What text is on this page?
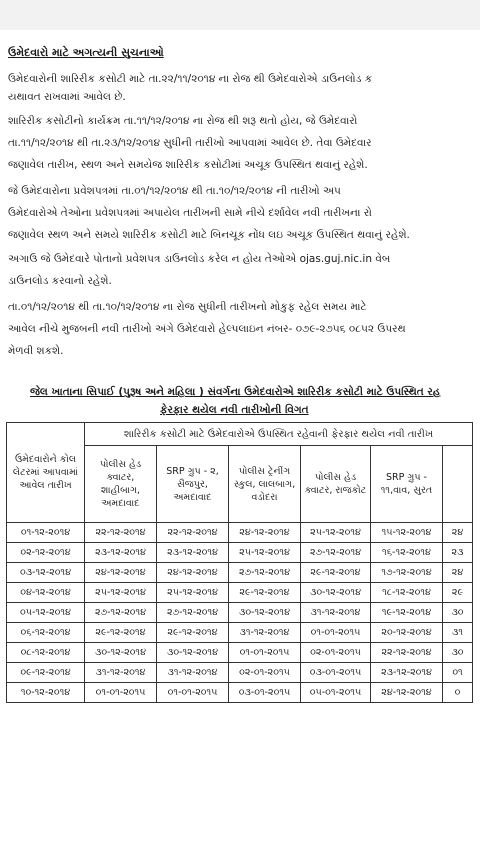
ઉમેદવારો માટે અગત્યની સુચનાઓ
ઉમેદવારોની શારિરીક કસોટી માટે તા.૨૨/૧૧/૨૦૧૪ ના રોજ થી ઉમેદવારોએ ડાઉનલોડ ક
યથાવત રાખવામાં આવેલ છે.
શારિરીક કસોટીનો કાર્યક્રમ તા.૧૧/૧૨/૨૦૧૪ ના રોજ થી શરૂ થતો હોય, જે ઉમેદવારો
તા.૧૧/૧૨/૨૦૧૪ થી તા.૨૩/૧૨/૨૦૧૪ સુધીની તારીખો આપવામાં આવેલ છે. તેવા ઉમેદવાર
જણાવેલ તારીખ, સ્થળ અને સમયેજ શારિરીક કસોટીમાં અચૂક ઉપસ્થિત થવાનું રહેશે.
જે ઉમેદવારોના પ્રવેશપત્રમાં તા.૦૧/૧૨/૨૦૧૪ થી તા.૧૦/૧૨/૨૦૧૪ ની તારીખો અપ
ઉમેદવારોએ તેઓના પ્રવેશપત્રમાં અપાયેલ તારીખની સામે નીચે દર્શાવેલ નવી તારીખના રો
જણાવેલ સ્થળ અને સમયે શારિરીક કસોટી માટે બિનચૂક નોંધ લઇ અચૂક ઉપસ્થિત થવાનું રહેશે.
અગાઉ જે ઉમેદવારે પોતાનો પ્રવેશપત્ર ડાઉનલોડ કરેલ ન હોય તેઓએ ojas.guj.nic.in વેબ
ડાઉનલોડ કરવાનો રહેશે.
તા.૦૧/૧૨/૨૦૧૪ થી તા.૧૦/૧૨/૨૦૧૪ ના રોજ સુધીની તારીખનો મોકુફ રહેલ સમય માટે
આવેલ નીચે મુજબની નવી તારીખો અંગે ઉમેદવારો હેલ્પલાઇન નંબર- ૦૭૯-૨૭૫૬ ૦૮૫૨ ઉપરથ
મેળવી શકશે.
જેલ ખાતાના સિપાઈ (પુરૂષ અને મહિલા ) સંવર્ગના ઉમેદવારોએ શારિરીક કસોટી માટે ઉપસ્થિત રહ
ફેરફાર થયેલ નવી તારીખોની વિગત
ઉમેદવારોને કોલ લેટરમાં આપવામાં આવેલ તારીખ	શારિરીક કસોટી માટે ઉમેદવારોએ ઉપસ્થિત રહેવાની ફેરફાર થયેલ નવી તારીખ					
	પોલીસ હેડ ક્વાટર, શાહીબાગ, અમદાવાદ	SRP ગ્રુપ - ૨, સૈજપુર, અમદાવાદ	પોલીસ ટ્રેનીંગ સ્કુલ, લાલબાગ, વડોદરા	પોલીસ હેડ ક્વાટર, રાજકોટ	SRP ગ્રુપ - ૧૧,વાવ, સુરત	
૦૧-૧૨-૨૦૧૪	૨૨-૧૨-૨૦૧૪	૨૨-૧૨-૨૦૧૪	૨૪-૧૨-૨૦૧૪	૨૫-૧૨-૨૦૧૪	૧૫-૧૨-૨૦૧૪	૨૪
૦૨-૧૨-૨૦૧૪	૨૩-૧૨-૨૦૧૪	૨૩-૧૨-૨૦૧૪	૨૫-૧૨-૨૦૧૪	૨૭-૧૨-૨૦૧૪	૧૬-૧૨-૨૦૧૪	૨૩
૦૩-૧૨-૨૦૧૪	૨૪-૧૨-૨૦૧૪	૨૪-૧૨-૨૦૧૪	૨૭-૧૨-૨૦૧૪	૨૯-૧૨-૨૦૧૪	૧૭-૧૨-૨૦૧૪	૨૪
૦૪-૧૨-૨૦૧૪	૨૫-૧૨-૨૦૧૪	૨૫-૧૨-૨૦૧૪	૨૯-૧૨-૨૦૧૪	૩૦-૧૨-૨૦૧૪	૧૮-૧૨-૨૦૧૪	૨૯
૦૫-૧૨-૨૦૧૪	૨૭-૧૨-૨૦૧૪	૨૭-૧૨-૨૦૧૪	૩૦-૧૨-૨૦૧૪	૩૧-૧૨-૨૦૧૪	૧૯-૧૨-૨૦૧૪	૩૦
૦૬-૧૨-૨૦૧૪	૨૯-૧૨-૨૦૧૪	૨૯-૧૨-૨૦૧૪	૩૧-૧૨-૨૦૧૪	૦૧-૦૧-૨૦૧૫	૨૦-૧૨-૨૦૧૪	૩૧
૦૮-૧૨-૨૦૧૪	૩૦-૧૨-૨૦૧૪	૩૦-૧૨-૨૦૧૪	૦૧-૦૧-૨૦૧૫	૦૨-૦૧-૨૦૧૫	૨૨-૧૨-૨૦૧૪	૩૦
૦૯-૧૨-૨૦૧૪	૩૧-૧૨-૨૦૧૪	૩૧-૧૨-૨૦૧૪	૦૨-૦૧-૨૦૧૫	૦૩-૦૧-૨૦૧૫	૨૩-૧૨-૨૦૧૪	૦૧
૧૦-૧૨-૨૦૧૪	૦૧-૦૧-૨૦૧૫	૦૧-૦૧-૨૦૧૫	૦૩-૦૧-૨૦૧૫	૦૫-૦૧-૨૦૧૫	૨૪-૧૨-૨૦૧૪	૦
